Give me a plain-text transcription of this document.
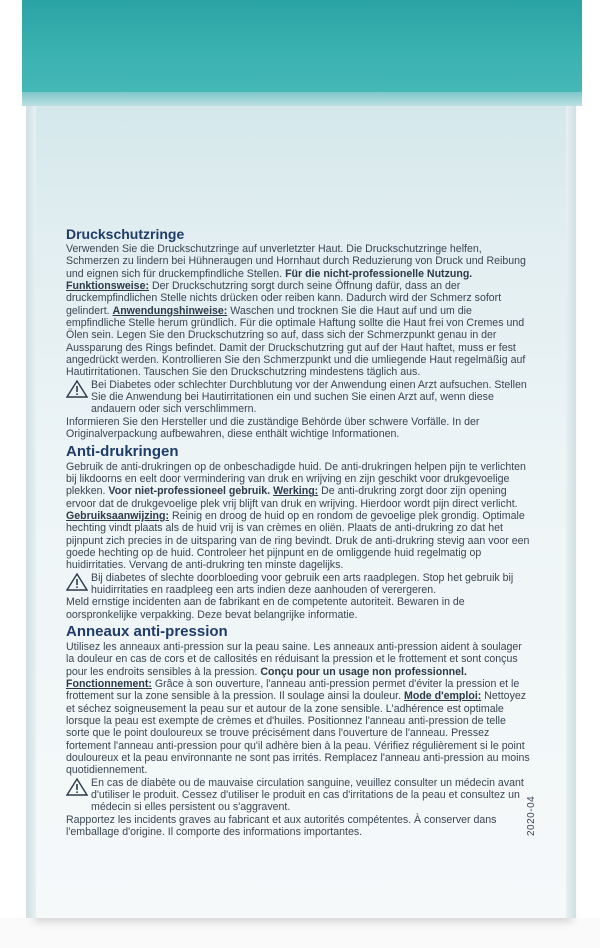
Druckschutzringe

Verwenden Sie die Druckschutzringe auf unverletzter Haut. Die Druckschutzringe helfen, Schmerzen zu lindern bei Hühneraugen und Hornhaut durch Reduzierung von Druck und Reibung und eignen sich für druckempfindliche Stellen. Für die nicht-professionelle Nutzung. Funktionsweise: Der Druckschutzring sorgt durch seine Öffnung dafür, dass an der druckempfindlichen Stelle nichts drücken oder reiben kann. Dadurch wird der Schmerz sofort gelindert. Anwendungshinweise: Waschen und trocknen Sie die Haut auf und um die empfindliche Stelle herum gründlich. Für die optimale Haftung sollte die Haut frei von Cremes und Ölen sein. Legen Sie den Druckschutzring so auf, dass sich der Schmerzpunkt genau in der Aussparung des Rings befindet. Damit der Druckschutzring gut auf der Haut haftet, muss er fest angedrückt werden. Kontrollieren Sie den Schmerzpunkt und die umliegende Haut regelmäßig auf Hautirritationen. Tauschen Sie den Druckschutzring mindestens täglich aus.

Bei Diabetes oder schlechter Durchblutung vor der Anwendung einen Arzt aufsuchen. Stellen Sie die Anwendung bei Hautirritationen ein und suchen Sie einen Arzt auf, wenn diese andauern oder sich verschlimmern.

Informieren Sie den Hersteller und die zuständige Behörde über schwere Vorfälle. In der Originalverpackung aufbewahren, diese enthält wichtige Informationen.

Anti-drukringen

Gebruik de anti-drukringen op de onbeschadigde huid. De anti-drukringen helpen pijn te verlichten bij likdoorns en eelt door vermindering van druk en wrijving en zijn geschikt voor drukgevoelige plekken. Voor niet-professioneel gebruik. Werking: De anti-drukring zorgt door zijn opening ervoor dat de drukgevoelige plek vrij blijft van druk en wrijving. Hierdoor wordt pijn direct verlicht. Gebruiksaanwijzing: Reinig en droog de huid op en rondom de gevoelige plek grondig. Optimale hechting vindt plaats als de huid vrij is van crèmes en oliën. Plaats de anti-drukring zo dat het pijnpunt zich precies in de uitsparing van de ring bevindt. Druk de anti-drukring stevig aan voor een goede hechting op de huid. Controleer het pijnpunt en de omliggende huid regelmatig op huidirritaties. Vervang de anti-drukring ten minste dagelijks.

Bij diabetes of slechte doorbloeding voor gebruik een arts raadplegen. Stop het gebruik bij huidirritaties en raadpleeg een arts indien deze aanhouden of verergeren.

Meld ernstige incidenten aan de fabrikant en de competente autoriteit. Bewaren in de oorspronkelijke verpakking. Deze bevat belangrijke informatie.

Anneaux anti-pression

Utilisez les anneaux anti-pression sur la peau saine. Les anneaux anti-pression aident à soulager la douleur en cas de cors et de callosités en réduisant la pression et le frottement et sont conçus pour les endroits sensibles à la pression. Conçu pour un usage non professionnel. Fonctionnement: Grâce à son ouverture, l'anneau anti-pression permet d'éviter la pression et le frottement sur la zone sensible à la pression. Il soulage ainsi la douleur. Mode d'emploi: Nettoyez et séchez soigneusement la peau sur et autour de la zone sensible. L'adhérence est optimale lorsque la peau est exempte de crèmes et d'huiles. Positionnez l'anneau anti-pression de telle sorte que le point douloureux se trouve précisément dans l'ouverture de l'anneau. Pressez fortement l'anneau anti-pression pour qu'il adhère bien à la peau. Vérifiez régulièrement si le point douloureux et la peau environnante ne sont pas irrités. Remplacez l'anneau anti-pression au moins quotidiennement.

En cas de diabète ou de mauvaise circulation sanguine, veuillez consulter un médecin avant d'utiliser le produit. Cessez d'utiliser le produit en cas d'irritations de la peau et consultez un médecin si elles persistent ou s'aggravent.

Rapportez les incidents graves au fabricant et aux autorités compétentes. À conserver dans l'emballage d'origine. Il comporte des informations importantes.	2020-04
